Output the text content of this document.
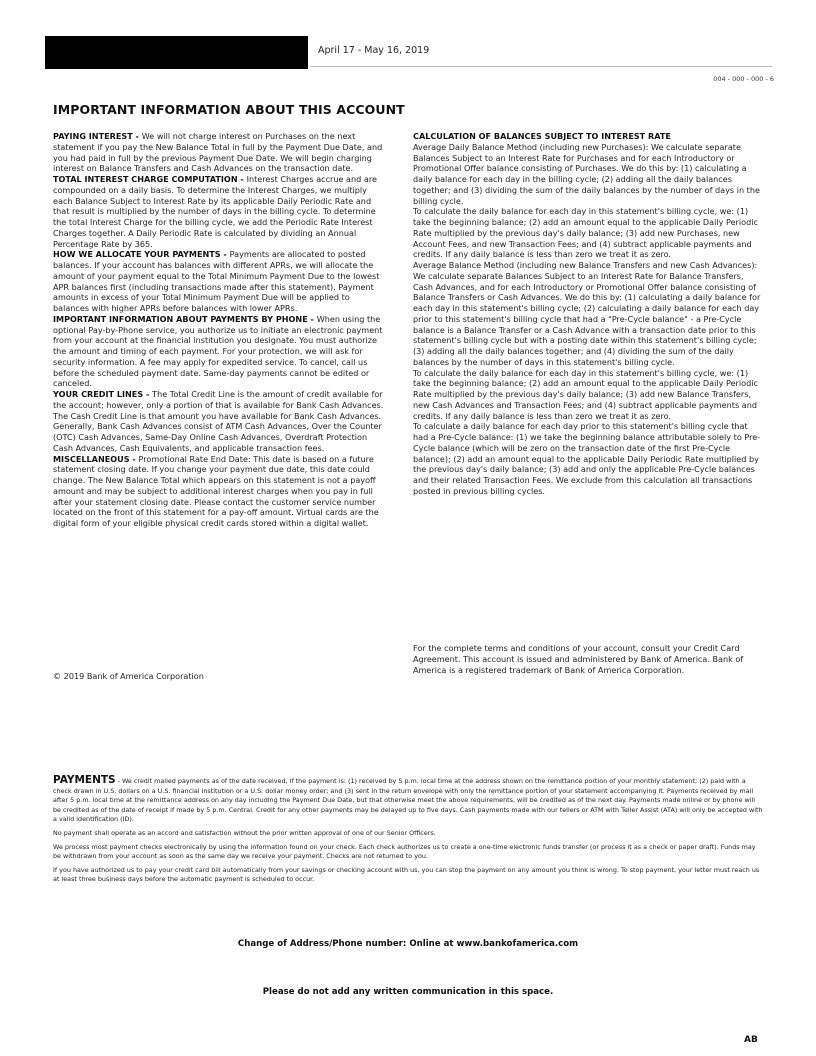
April 17 - May 16, 2019
004 - 000 - 000 - 6
IMPORTANT INFORMATION ABOUT THIS ACCOUNT

PAYING INTEREST - We will not charge interest on Purchases on the next statement if you pay the New Balance Total in full by the Payment Due Date, and you had paid in full by the previous Payment Due Date. We will begin charging interest on Balance Transfers and Cash Advances on the transaction date.

TOTAL INTEREST CHARGE COMPUTATION - Interest Charges accrue and are compounded on a daily basis. To determine the Interest Charges, we multiply each Balance Subject to Interest Rate by its applicable Daily Periodic Rate and that result is multiplied by the number of days in the billing cycle. To determine the total Interest Charge for the billing cycle, we add the Periodic Rate Interest Charges together. A Daily Periodic Rate is calculated by dividing an Annual Percentage Rate by 365.

HOW WE ALLOCATE YOUR PAYMENTS - Payments are allocated to posted balances. If your account has balances with different APRs, we will allocate the amount of your payment equal to the Total Minimum Payment Due to the lowest APR balances first (including transactions made after this statement). Payment amounts in excess of your Total Minimum Payment Due will be applied to balances with higher APRs before balances with lower APRs.

IMPORTANT INFORMATION ABOUT PAYMENTS BY PHONE - When using the optional Pay-by-Phone service, you authorize us to initiate an electronic payment from your account at the financial institution you designate. You must authorize the amount and timing of each payment. For your protection, we will ask for security information. A fee may apply for expedited service. To cancel, call us before the scheduled payment date. Same-day payments cannot be edited or canceled.

YOUR CREDIT LINES - The Total Credit Line is the amount of credit available for the account; however, only a portion of that is available for Bank Cash Advances. The Cash Credit Line is that amount you have available for Bank Cash Advances. Generally, Bank Cash Advances consist of ATM Cash Advances, Over the Counter (OTC) Cash Advances, Same-Day Online Cash Advances, Overdraft Protection Cash Advances, Cash Equivalents, and applicable transaction fees.

MISCELLANEOUS - Promotional Rate End Date: This date is based on a future statement closing date. If you change your payment due date, this date could change. The New Balance Total which appears on this statement is not a payoff amount and may be subject to additional interest charges when you pay in full after your statement closing date. Please contact the customer service number located on the front of this statement for a pay-off amount. Virtual cards are the digital form of your eligible physical credit cards stored within a digital wallet.

© 2019 Bank of America Corporation

CALCULATION OF BALANCES SUBJECT TO INTEREST RATE

Average Daily Balance Method (including new Purchases): We calculate separate Balances Subject to an Interest Rate for Purchases and for each Introductory or Promotional Offer balance consisting of Purchases. We do this by: (1) calculating a daily balance for each day in the billing cycle; (2) adding all the daily balances together; and (3) dividing the sum of the daily balances by the number of days in the billing cycle.

To calculate the daily balance for each day in this statement's billing cycle, we: (1) take the beginning balance; (2) add an amount equal to the applicable Daily Periodic Rate multiplied by the previous day's daily balance; (3) add new Purchases, new Account Fees, and new Transaction Fees; and (4) subtract applicable payments and credits. If any daily balance is less than zero we treat it as zero.

Average Balance Method (including new Balance Transfers and new Cash Advances): We calculate separate Balances Subject to an Interest Rate for Balance Transfers, Cash Advances, and for each Introductory or Promotional Offer balance consisting of Balance Transfers or Cash Advances. We do this by: (1) calculating a daily balance for each day in this statement's billing cycle; (2) calculating a daily balance for each day prior to this statement's billing cycle that had a "Pre-Cycle balance" - a Pre-Cycle balance is a Balance Transfer or a Cash Advance with a transaction date prior to this statement's billing cycle but with a posting date within this statement's billing cycle; (3) adding all the daily balances together; and (4) dividing the sum of the daily balances by the number of days in this statement's billing cycle.

To calculate the daily balance for each day in this statement's billing cycle, we: (1) take the beginning balance; (2) add an amount equal to the applicable Daily Periodic Rate multiplied by the previous day's daily balance; (3) add new Balance Transfers, new Cash Advances and Transaction Fees; and (4) subtract applicable payments and credits. If any daily balance is less than zero we treat it as zero.

To calculate a daily balance for each day prior to this statement's billing cycle that had a Pre-Cycle balance: (1) we take the beginning balance attributable solely to Pre-Cycle balance (which will be zero on the transaction date of the first Pre-Cycle balance); (2) add an amount equal to the applicable Daily Periodic Rate multiplied by the previous day's daily balance; (3) add and only the applicable Pre-Cycle balances and their related Transaction Fees. We exclude from this calculation all transactions posted in previous billing cycles.

For the complete terms and conditions of your account, consult your Credit Card Agreement. This account is issued and administered by Bank of America. Bank of America is a registered trademark of Bank of America Corporation.

PAYMENTS - We credit mailed payments as of the date received, if the payment is: (1) received by 5 p.m. local time at the address shown on the remittance portion of your monthly statement; (2) paid with a check drawn in U.S. dollars on a U.S. financial institution or a U.S. dollar money order; and (3) sent in the return envelope with only the remittance portion of your statement accompanying it. Payments received by mail after 5 p.m. local time at the remittance address on any day including the Payment Due Date, but that otherwise meet the above requirements, will be credited as of the next day. Payments made online or by phone will be credited as of the date of receipt if made by 5 p.m. Central. Credit for any other payments may be delayed up to five days. Cash payments made with our tellers or ATM with Teller Assist (ATA) will only be accepted with a valid identification (ID).

No payment shall operate as an accord and satisfaction without the prior written approval of one of our Senior Officers.

We process most payment checks electronically by using the information found on your check. Each check authorizes us to create a one-time electronic funds transfer (or process it as a check or paper draft). Funds may be withdrawn from your account as soon as the same day we receive your payment. Checks are not returned to you.

If you have authorized us to pay your credit card bill automatically from your savings or checking account with us, you can stop the payment on any amount you think is wrong. To stop payment, your letter must reach us at least three business days before the automatic payment is scheduled to occur.

Change of Address/Phone number: Online at www.bankofamerica.com
Please do not add any written communication in this space.
AB
